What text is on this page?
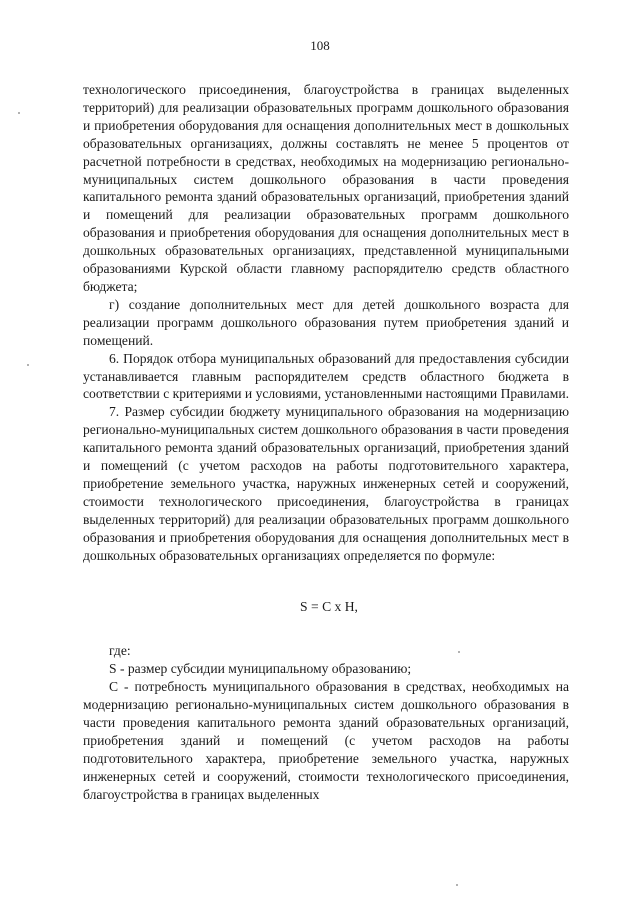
108

технологического присоединения, благоустройства в границах выделенных территорий) для реализации образовательных программ дошкольного образования и приобретения оборудования для оснащения дополнительных мест в дошкольных образовательных организациях, должны составлять не менее 5 процентов от расчетной потребности в средствах, необходимых на модернизацию регионально-муниципальных систем дошкольного образования в части проведения капитального ремонта зданий образовательных организаций, приобретения зданий и помещений для реализации образовательных программ дошкольного образования и приобретения оборудования для оснащения дополнительных мест в дошкольных образовательных организациях, представленной муниципальными образованиями Курской области главному распорядителю средств областного бюджета;

г) создание дополнительных мест для детей дошкольного возраста для реализации программ дошкольного образования путем приобретения зданий и помещений.

6. Порядок отбора муниципальных образований для предоставления субсидии устанавливается главным распорядителем средств областного бюджета в соответствии с критериями и условиями, установленными настоящими Правилами.

7. Размер субсидии бюджету муниципального образования на модернизацию регионально-муниципальных систем дошкольного образования в части проведения капитального ремонта зданий образовательных организаций, приобретения зданий и помещений (с учетом расходов на работы подготовительного характера, приобретение земельного участка, наружных инженерных сетей и сооружений, стоимости технологического присоединения, благоустройства в границах выделенных территорий) для реализации образовательных программ дошкольного образования и приобретения оборудования для оснащения дополнительных мест в дошкольных образовательных организациях определяется по формуле:

S = C x H,

где:

S - размер субсидии муниципальному образованию;

С - потребность муниципального образования в средствах, необходимых на модернизацию регионально-муниципальных систем дошкольного образования в части проведения капитального ремонта зданий образовательных организаций, приобретения зданий и помещений (с учетом расходов на работы подготовительного характера, приобретение земельного участка, наружных инженерных сетей и сооружений, стоимости технологического присоединения, благоустройства в границах выделенных
